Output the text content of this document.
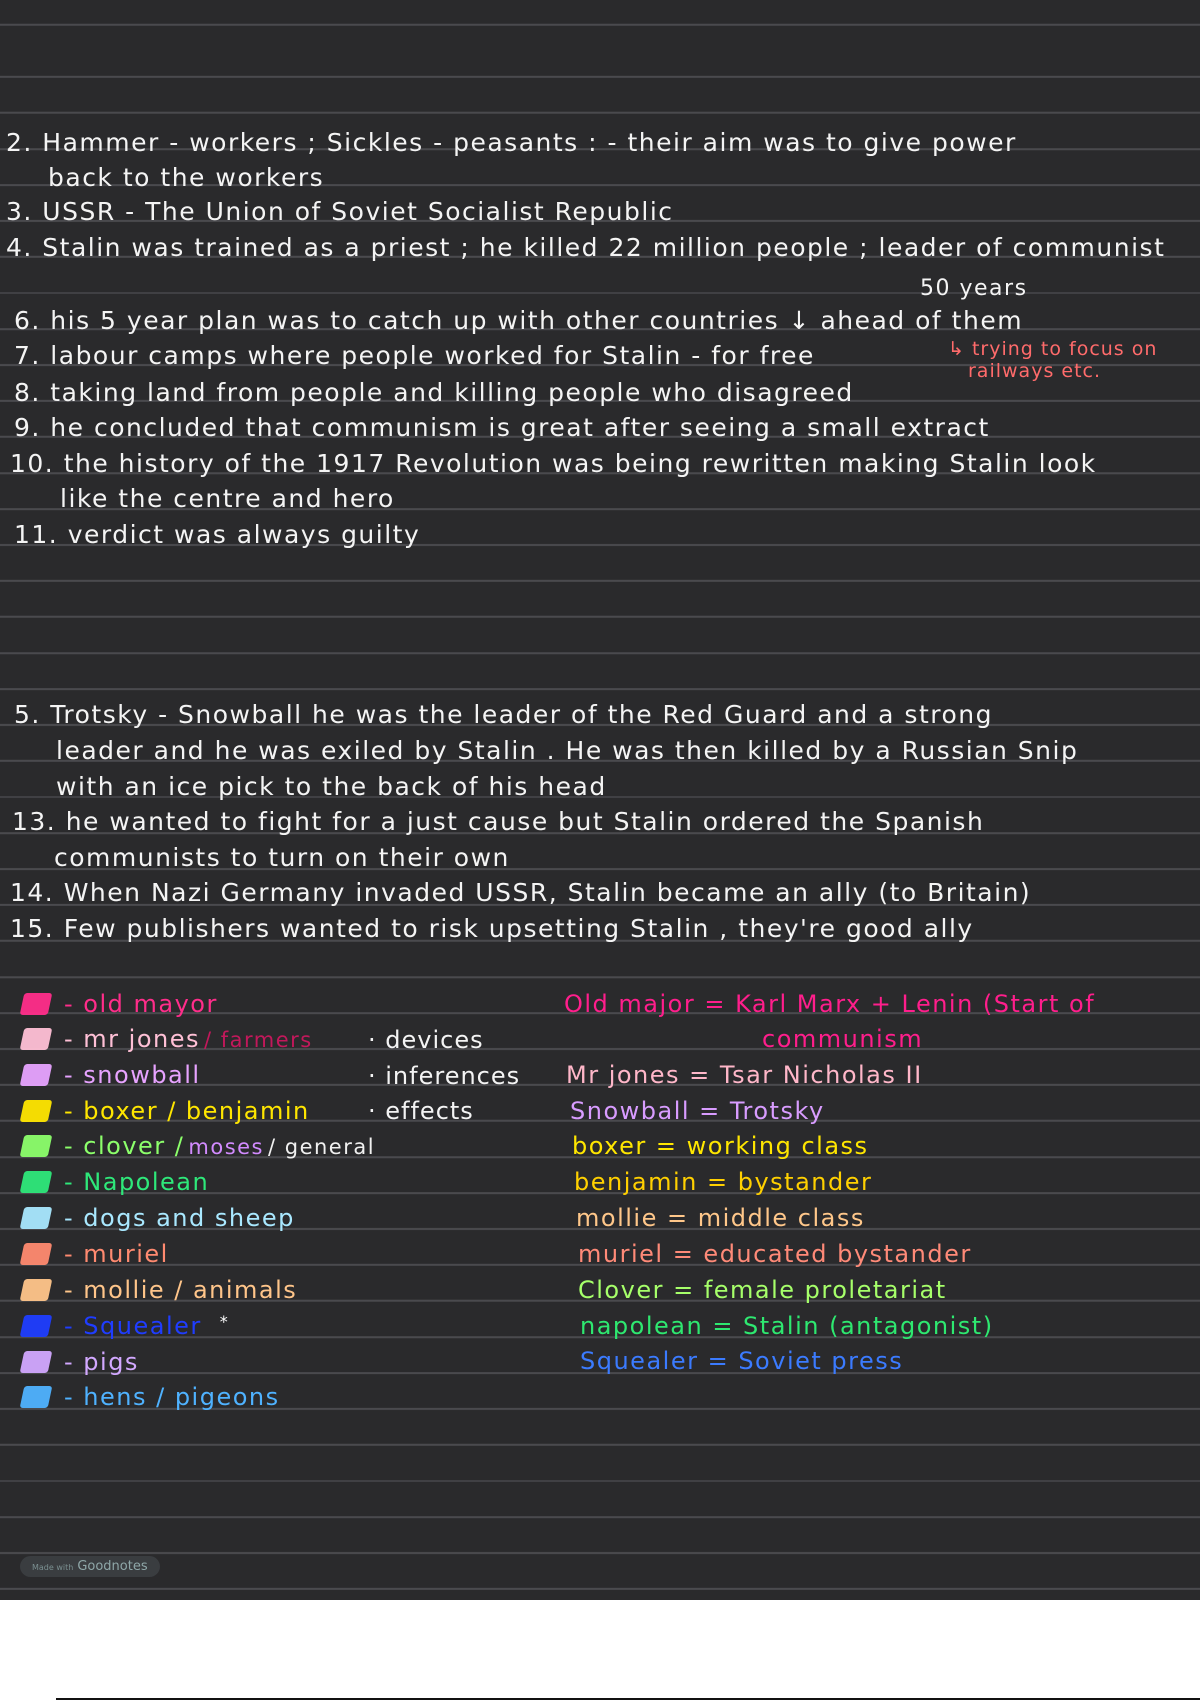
2. Hammer - workers ; Sickles - peasants : - their aim was to give power
back to the workers
3. USSR - The Union of Soviet Socialist Republic
4. Stalin was trained as a priest ; he killed 22 million people ; leader of communist
50 years
6. his 5 year plan was to catch up with other countries ↓ ahead of them
7. labour camps where people worked for Stalin - for free	↳ trying to focus on
railways etc.
8. taking land from people and killing people who disagreed
9. he concluded that communism is great after seeing a small extract
10. the history of the 1917 Revolution was being rewritten making Stalin look
like the centre and hero
11. verdict was always guilty
5. Trotsky - Snowball he was the leader of the Red Guard and a strong
leader and he was exiled by Stalin . He was then killed by a Russian Snip
with an ice pick to the back of his head
13. he wanted to fight for a just cause but Stalin ordered the Spanish
communists to turn on their own
14. When Nazi Germany invaded USSR, Stalin became an ally (to Britain)
15. Few publishers wanted to risk upsetting Stalin , they're good ally
- old mayor
- mr jones / farmers
- snowball
- boxer / benjamin
- clover / moses / general
- Napolean
- dogs and sheep
- muriel
- mollie / animals
- Squealer *
- pigs
- hens / pigeons
· devices
· inferences
· effects
Old major = Karl Marx + Lenin (Start of
communism
Mr jones = Tsar Nicholas II
Snowball = Trotsky
boxer = working class
benjamin = bystander
mollie = middle class
muriel = educated bystander
Clover = female proletariat
napolean = Stalin (antagonist)
Squealer = Soviet press
Made with Goodnotes
